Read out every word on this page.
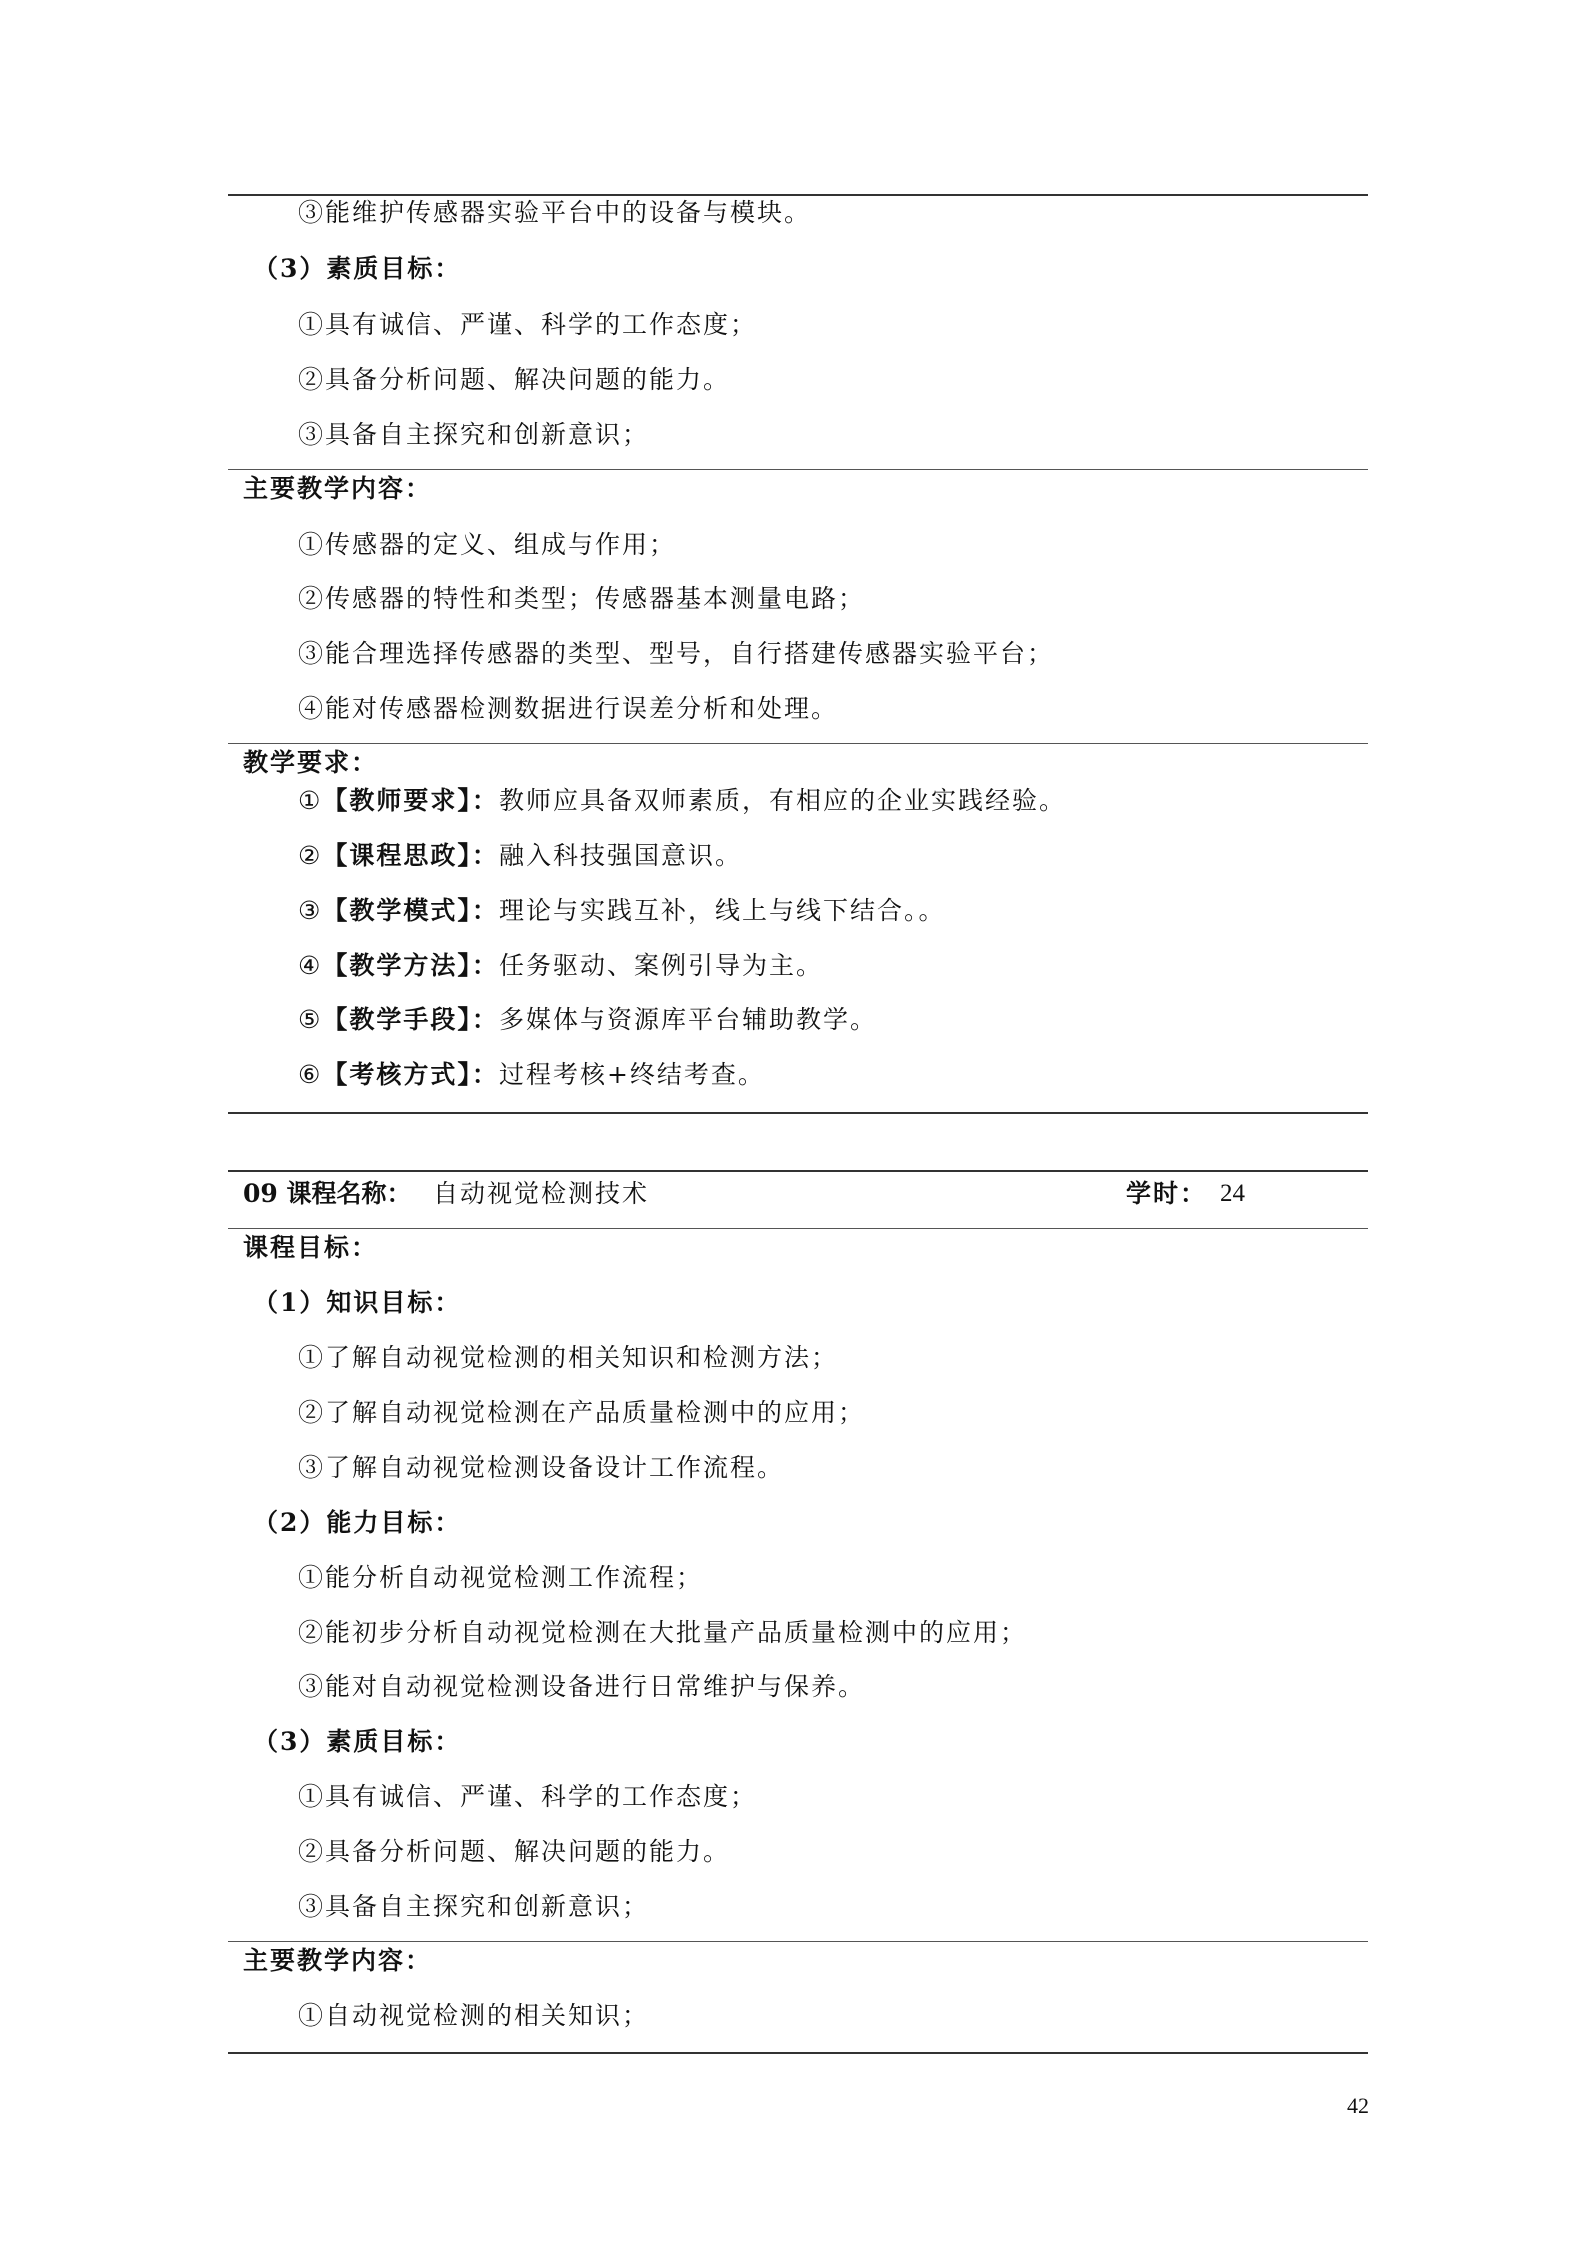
③能维护传感器实验平台中的设备与模块。
（3）素质目标：
①具有诚信、严谨、科学的工作态度；
②具备分析问题、解决问题的能力。
③具备自主探究和创新意识；
主要教学内容：
①传感器的定义、组成与作用；
②传感器的特性和类型；传感器基本测量电路；
③能合理选择传感器的类型、型号，自行搭建传感器实验平台；
④能对传感器检测数据进行误差分析和处理。
教学要求：
①【教师要求】：教师应具备双师素质，有相应的企业实践经验。
②【课程思政】：融入科技强国意识。
③【教学模式】：理论与实践互补，线上与线下结合。。
④【教学方法】：任务驱动、案例引导为主。
⑤【教学手段】：多媒体与资源库平台辅助教学。
⑥【考核方式】：过程考核+终结考查。
09 课程名称： 自动视觉检测技术	学时： 24
课程目标：
（1）知识目标：
①了解自动视觉检测的相关知识和检测方法；
②了解自动视觉检测在产品质量检测中的应用；
③了解自动视觉检测设备设计工作流程。
（2）能力目标：
①能分析自动视觉检测工作流程；
②能初步分析自动视觉检测在大批量产品质量检测中的应用；
③能对自动视觉检测设备进行日常维护与保养。
（3）素质目标：
①具有诚信、严谨、科学的工作态度；
②具备分析问题、解决问题的能力。
③具备自主探究和创新意识；
主要教学内容：
①自动视觉检测的相关知识；
42
